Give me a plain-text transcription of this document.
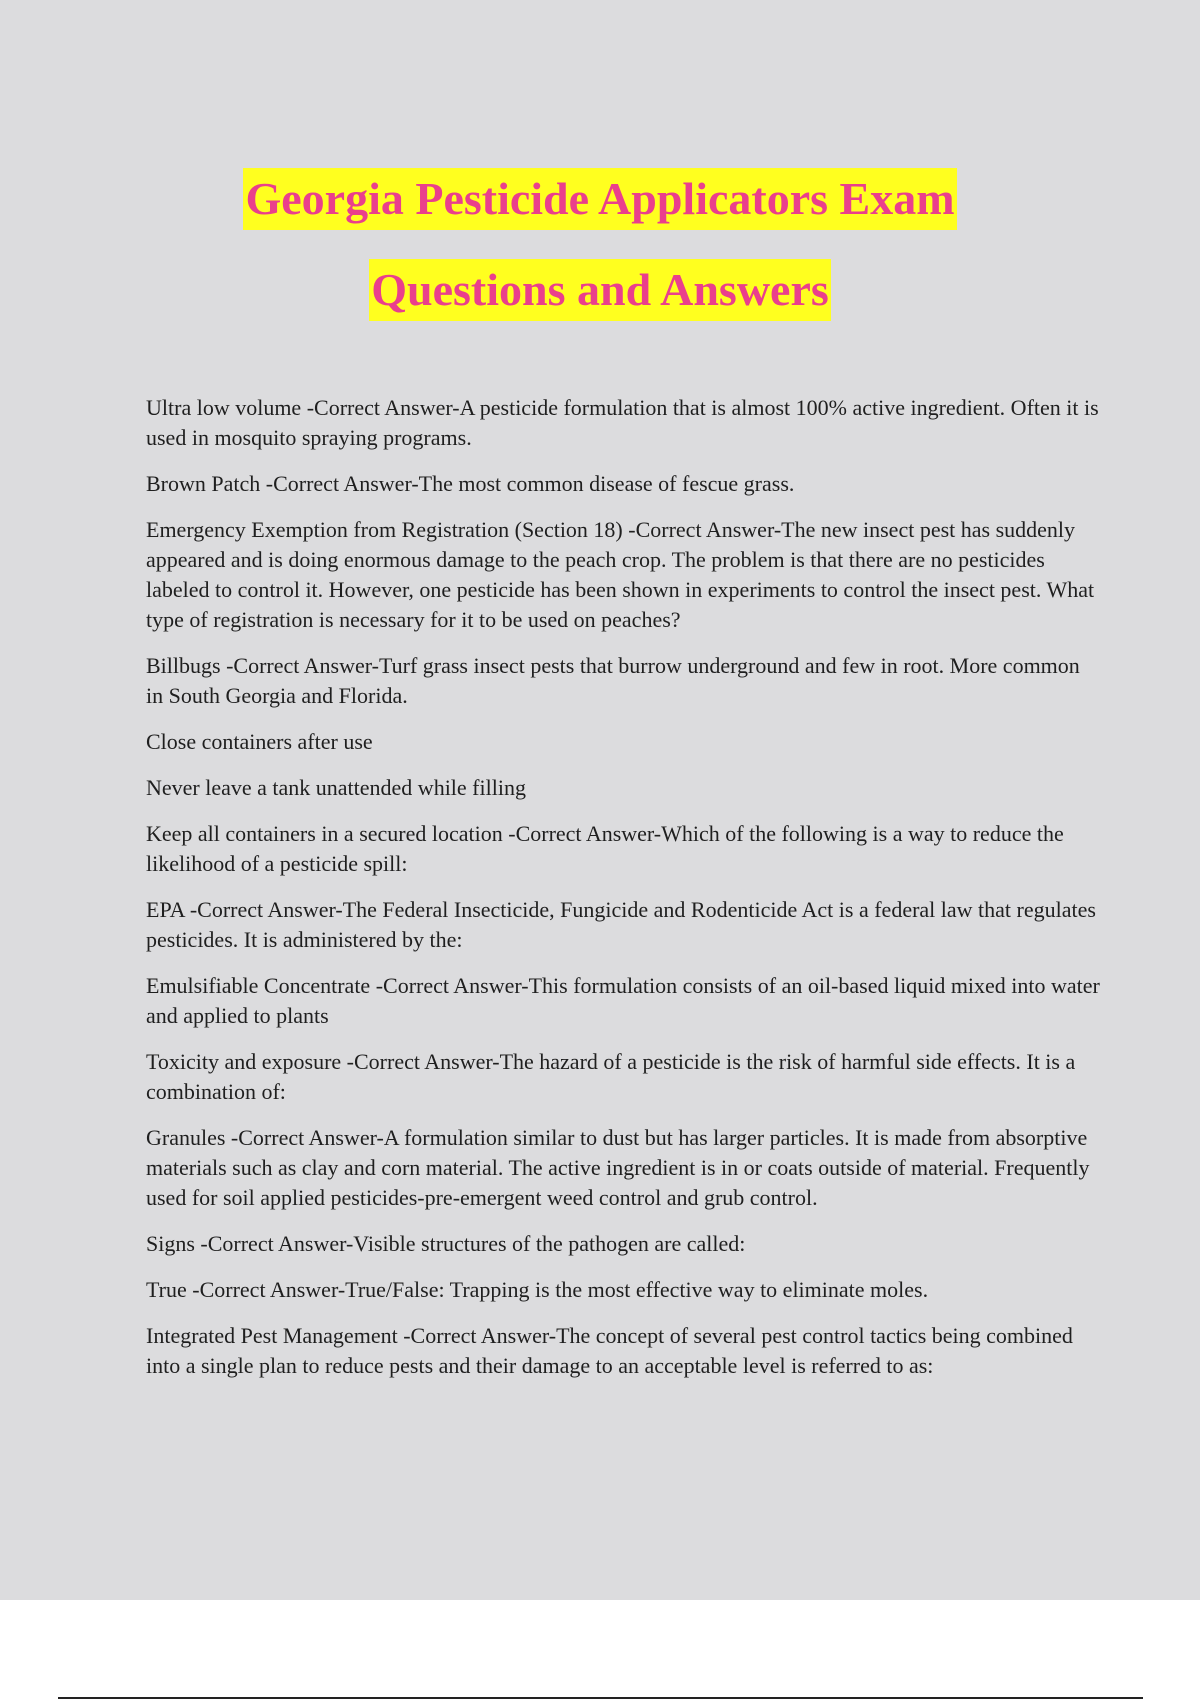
Georgia Pesticide Applicators Exam
Questions and Answers

Ultra low volume -Correct Answer-A pesticide formulation that is almost 100% active ingredient. Often it is used in mosquito spraying programs.

Brown Patch -Correct Answer-The most common disease of fescue grass.

Emergency Exemption from Registration (Section 18) -Correct Answer-The new insect pest has suddenly appeared and is doing enormous damage to the peach crop. The problem is that there are no pesticides labeled to control it. However, one pesticide has been shown in experiments to control the insect pest. What type of registration is necessary for it to be used on peaches?

Billbugs -Correct Answer-Turf grass insect pests that burrow underground and few in root. More common in South Georgia and Florida.

Close containers after use

Never leave a tank unattended while filling

Keep all containers in a secured location -Correct Answer-Which of the following is a way to reduce the likelihood of a pesticide spill:

EPA -Correct Answer-The Federal Insecticide, Fungicide and Rodenticide Act is a federal law that regulates pesticides. It is administered by the:

Emulsifiable Concentrate -Correct Answer-This formulation consists of an oil-based liquid mixed into water and applied to plants

Toxicity and exposure -Correct Answer-The hazard of a pesticide is the risk of harmful side effects. It is a combination of:

Granules -Correct Answer-A formulation similar to dust but has larger particles. It is made from absorptive materials such as clay and corn material. The active ingredient is in or coats outside of material. Frequently used for soil applied pesticides-pre-emergent weed control and grub control.

Signs -Correct Answer-Visible structures of the pathogen are called:

True -Correct Answer-True/False: Trapping is the most effective way to eliminate moles.

Integrated Pest Management -Correct Answer-The concept of several pest control tactics being combined into a single plan to reduce pests and their damage to an acceptable level is referred to as:
